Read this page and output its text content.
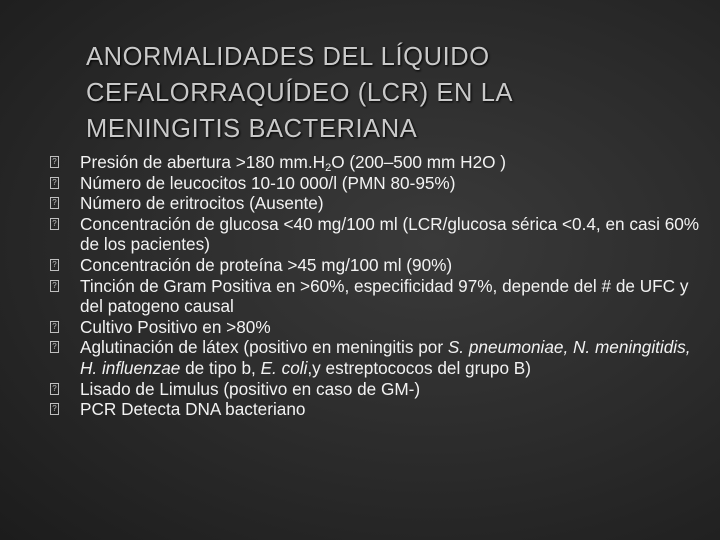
ANORMALIDADES DEL LÍQUIDO
CEFALORRAQUÍDEO (LCR) EN LA
MENINGITIS BACTERIANA
?
Presión de abertura >180 $mm.H_2O$ (200–500 mm H2O )
?
Número de leucocitos 10-10 000/l (PMN 80-95%)
?
Número de eritrocitos (Ausente)
?
Concentración de glucosa <40 mg/100 ml (LCR/glucosa sérica <0.4, en casi 60% de los pacientes)
?
Concentración de proteína >45 mg/100 ml (90%)
?
Tinción de Gram Positiva en >60%, especificidad 97%, depende del # de UFC y del patogeno causal
?
Cultivo Positivo en >80%
?
Aglutinación de látex (positivo en meningitis por S. pneumoniae, N. meningitidis, H. influenzae de tipo b, E. coli,y estreptococos del grupo B)
?
Lisado de Limulus (positivo en caso de GM-)
?
PCR Detecta DNA bacteriano
